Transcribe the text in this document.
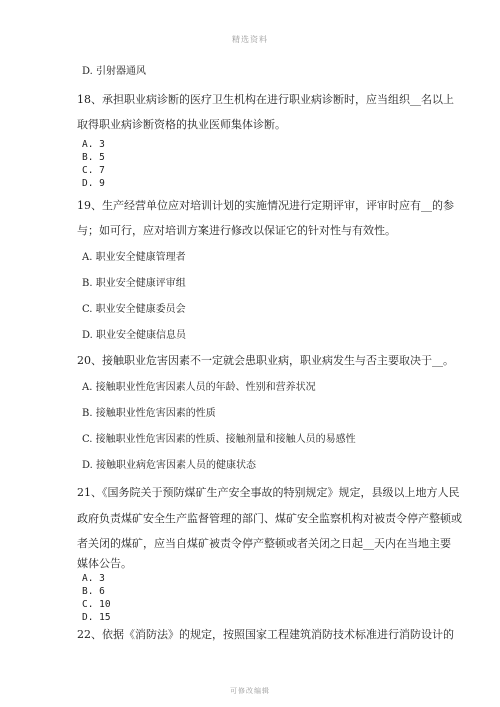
精选资料
D. 引射器通风
18、承担职业病诊断的医疗卫生机构在进行职业病诊断时，应当组织__名以上
取得职业病诊断资格的执业医师集体诊断。
A. 3
B. 5
C. 7
D. 9
19、生产经营单位应对培训计划的实施情况进行定期评审，评审时应有__的参
与；如可行，应对培训方案进行修改以保证它的针对性与有效性。
A. 职业安全健康管理者
B. 职业安全健康评审组
C. 职业安全健康委员会
D. 职业安全健康信息员
20、接触职业危害因素不一定就会患职业病，职业病发生与否主要取决于__。
A. 接触职业性危害因素人员的年龄、性别和营养状况
B. 接触职业性危害因素的性质
C. 接触职业性危害因素的性质、接触剂量和接触人员的易感性
D. 接触职业病危害因素人员的健康状态
21、《国务院关于预防煤矿生产安全事故的特别规定》规定，县级以上地方人民
政府负责煤矿安全生产监督管理的部门、煤矿安全监察机构对被责令停产整顿或
者关闭的煤矿，应当自煤矿被责令停产整顿或者关闭之日起__天内在当地主要
媒体公告。
A. 3
B. 6
C. 10
D. 15
22、依据《消防法》的规定，按照国家工程建筑消防技术标准进行消防设计的
可修改编辑
